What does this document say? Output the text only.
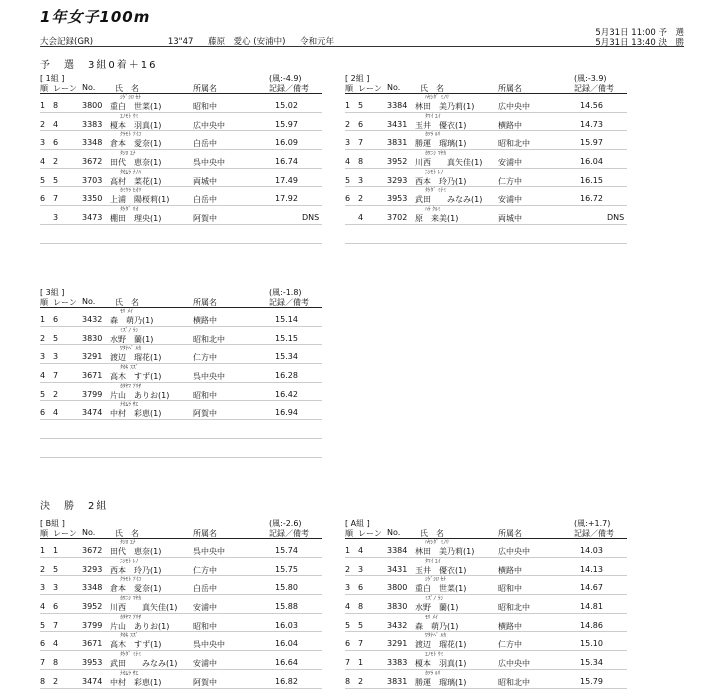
1年女子100m
5月31日 11:00 予　選
5月31日 13:40 決　勝
大会記録(GR)	13"47 藤原　愛心 (安浦中) 令和元年
予　選　3組0着＋16
決　勝　2組
[ 1組 ]	(風:-4.9)
順 レーン No. 氏　名	所属名	記録／備考
ｼｹﾞｼﾛ ｾﾅ
1 8	3800 重白　世菜(1)	昭和中	15.02
ｴﾉﾓﾄ ｳﾐ
2 4	3383 榎本　羽真(1)	広中央中	15.97
ｸﾗﾓﾄ ｱｲｺ
3 6	3348 倉本　愛奈(1)	白岳中	16.09
ﾀｼﾛ ｴﾅ
4 2	3672 田代　恵奈(1)	呉中央中	16.74
ﾀｶﾑﾗ ﾅﾉﾊ
5 5	3703 高村　菜花(1)	両城中	17.49
ｶﾐｳﾗ ﾋｵﾘ
6 7	3350 上浦　陽桜莉(1)	白岳中	17.92
ﾀｹﾀﾞ ﾘｵ
3	3473 棚田　理央(1)	阿賀中	DNS
[ 2組 ]	(風:-3.9)
順 レーン No. 氏　名	所属名	記録／備考
ﾊﾔｼﾀﾞ ﾐﾉﾘ
1 5	3384 林田　美乃莉(1)	広中央中	14.56
ﾀﾏｲ ﾕｲ
2 6	3431 玉井　優衣(1)	横路中	14.73
ｶﾂﾗ ﾙﾘ
3 7	3831 勝運　瑠璃(1)	昭和北中	15.97
ｶﾜﾆｼ ﾏﾔｶ
4 8	3952 川西　　真矢佳(1) 安浦中	16.04
ﾆｼﾓﾄ ﾚﾉ
5 3	3293 西本　玲乃(1)	仁方中	16.15
ﾀｹﾀﾞ ﾐﾅﾐ
6 2	3953 武田　　みなみ(1) 安浦中	16.72
ﾊﾗ ｸﾙﾐ
4	3702 原　来美(1)	両城中	DNS
[ 3組 ]	(風:-1.8)
順 レーン No. 氏　名	所属名	記録／備考
ﾓﾘ ﾒｲ
1 6	3432 森　萌乃(1)	横路中	15.14
ﾐｽﾞﾉ ﾗﾝ
2 5	3830 水野　蘭(1)	昭和北中	15.15
ﾜﾀﾅﾍﾞ ﾙｶ
3 3	3291 渡辺　瑠花(1)	仁方中	15.34
ﾀｶｷ ｽｽﾞ
4 7	3671 高木　すず(1)	呉中央中	16.28
ｶﾀﾔﾏ ｱﾘｻ
5 2	3799 片山　ありお(1)	昭和中	16.42
ﾅｶﾑﾗ ｻｴ
6 4	3474 中村　彩恵(1)	阿賀中	16.94
[ B組 ]	(風:-2.6)
順 レーン No. 氏　名	所属名	記録／備考
ﾀｼﾛ ｴﾅ
1 1	3672 田代　恵奈(1)	呉中央中	15.74
ﾆｼﾓﾄ ﾚﾉ
2 5	3293 西本　玲乃(1)	仁方中	15.75
ｸﾗﾓﾄ ｱｲｺ
3 3	3348 倉本　愛奈(1)	白岳中	15.80
ｶﾜﾆｼ ﾏﾔｶ
4 6	3952 川西　　真矢佳(1) 安浦中	15.88
ｶﾀﾔﾏ ｱﾘｻ
5 7	3799 片山　ありお(1)	昭和中	16.03
ﾀｶｷ ｽｽﾞ
6 4	3671 高木　すず(1)	呉中央中	16.04
ﾀｹﾀﾞ ﾐﾅﾐ
7 8	3953 武田　　みなみ(1) 安浦中	16.64
ﾅｶﾑﾗ ｻｴ
8 2	3474 中村　彩恵(1)	阿賀中	16.82
[ A組 ]	(風:+1.7)
順 レーン No. 氏　名	所属名	記録／備考
ﾊﾔｼﾀﾞ ﾐﾉﾘ
1 4	3384 林田　美乃莉(1)	広中央中	14.03
ﾀﾏｲ ﾕｲ
2 3	3431 玉井　優衣(1)	横路中	14.13
ｼｹﾞｼﾛ ｾﾅ
3 6	3800 重白　世菜(1)	昭和中	14.67
ﾐｽﾞﾉ ﾗﾝ
4 8	3830 水野　蘭(1)	昭和北中	14.81
ﾓﾘ ﾒｲ
5 5	3432 森　萌乃(1)	横路中	14.86
ﾜﾀﾅﾍﾞ ﾙｶ
6 7	3291 渡辺　瑠花(1)	仁方中	15.10
ｴﾉﾓﾄ ｳﾐ
7 1	3383 榎本　羽真(1)	広中央中	15.34
ｶﾂﾗ ﾙﾘ
8 2	3831 勝運　瑠璃(1)	昭和北中	15.79
